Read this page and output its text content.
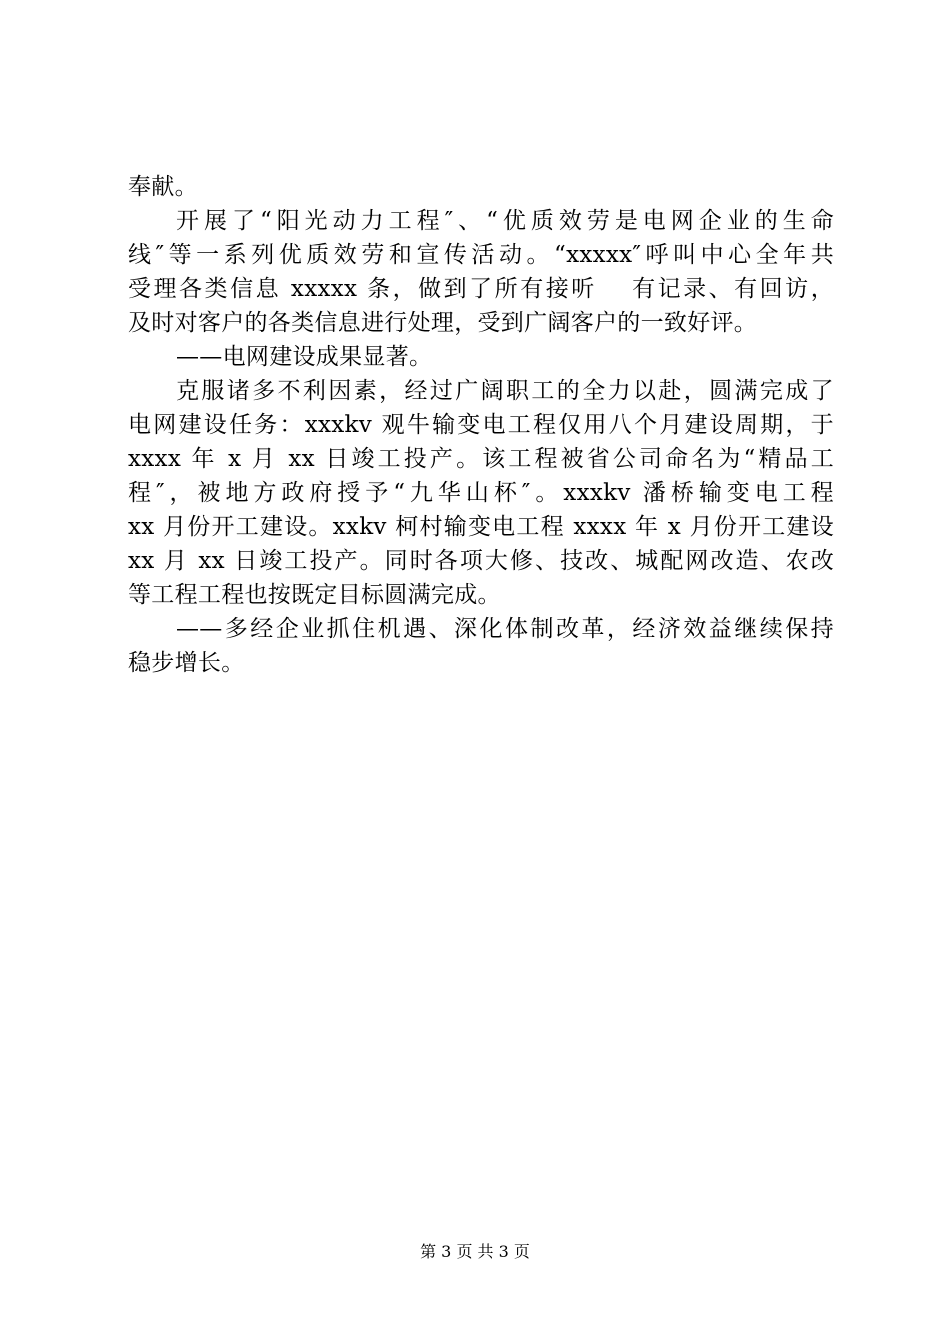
奉献。
开展了“阳光动力工程″、“优质效劳是电网企业的生命
线″等一系列优质效劳和宣传活动。“xxxxx″呼叫中心全年共
受理各类信息 xxxxx 条，做到了所有接听　 有记录、有回访，
及时对客户的各类信息进行处理，受到广阔客户的一致好评。
——电网建设成果显著。
克服诸多不利因素，经过广阔职工的全力以赴，圆满完成了
电网建设任务：xxxkv 观牛输变电工程仅用八个月建设周期，于
xxxx 年 x 月 xx 日竣工投产。该工程被省公司命名为“精品工
程″，被地方政府授予“九华山杯″。xxxkv 潘桥输变电工程
xx 月份开工建设。xxkv 柯村输变电工程 xxxx 年 x 月份开工建设
xx 月 xx 日竣工投产。同时各项大修、技改、城配网改造、农改
等工程工程也按既定目标圆满完成。
——多经企业抓住机遇、深化体制改革，经济效益继续保持
稳步增长。
第 3 页 共 3 页
